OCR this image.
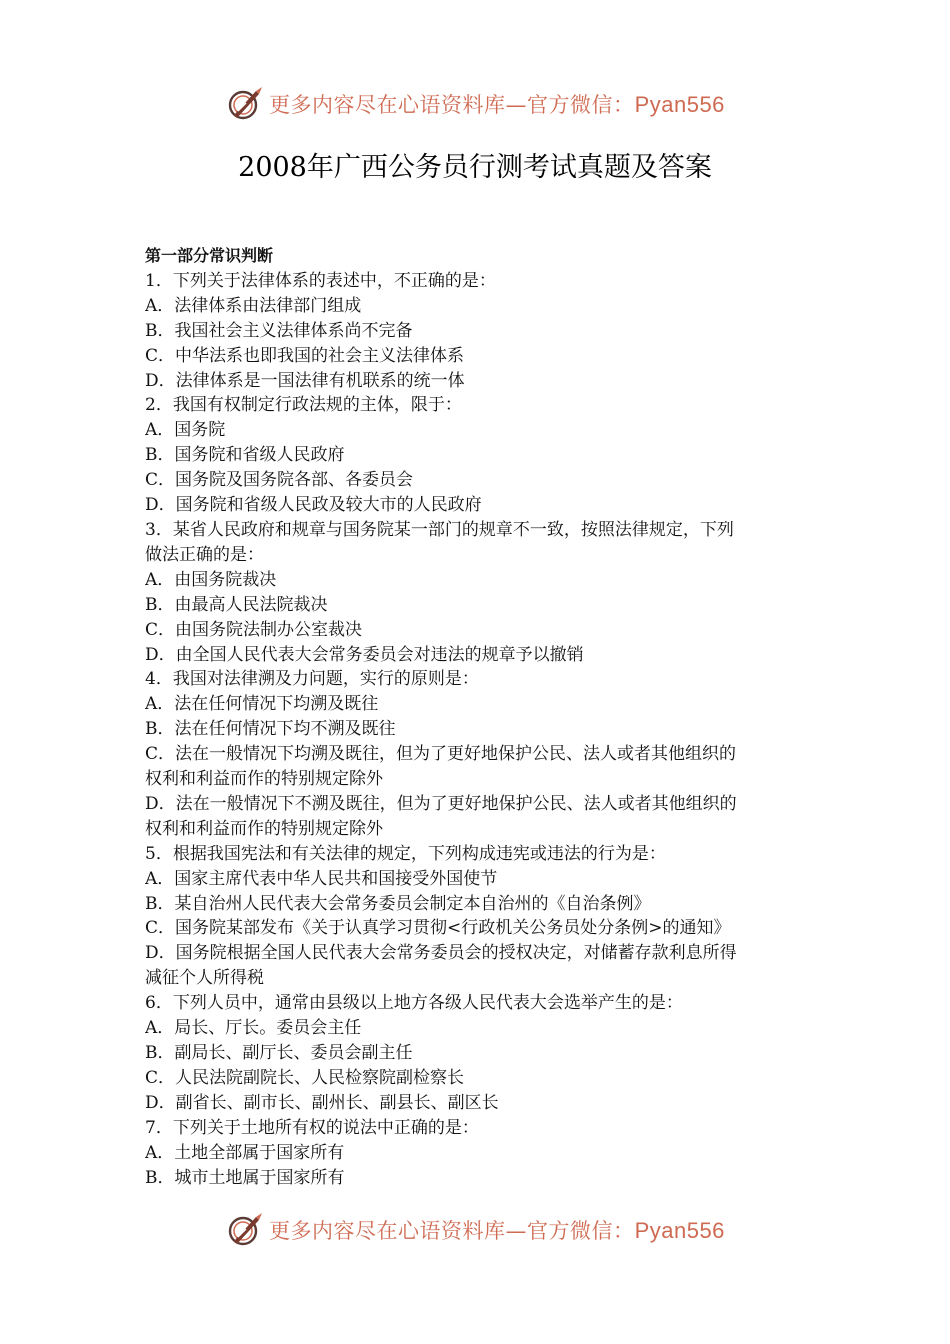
更多内容尽在心语资料库—官方微信：Pyan556
2008年广西公务员行测考试真题及答案
第一部分常识判断
1．下列关于法律体系的表述中，不正确的是：
A．法律体系由法律部门组成
B．我国社会主义法律体系尚不完备
C．中华法系也即我国的社会主义法律体系
D．法律体系是一国法律有机联系的统一体
2．我国有权制定行政法规的主体，限于：
A．国务院
B．国务院和省级人民政府
C．国务院及国务院各部、各委员会
D．国务院和省级人民政及较大市的人民政府
3．某省人民政府和规章与国务院某一部门的规章不一致，按照法律规定，下列
做法正确的是：
A．由国务院裁决
B．由最高人民法院裁决
C．由国务院法制办公室裁决
D．由全国人民代表大会常务委员会对违法的规章予以撤销
4．我国对法律溯及力问题，实行的原则是：
A．法在任何情况下均溯及既往
B．法在任何情况下均不溯及既往
C．法在一般情况下均溯及既往，但为了更好地保护公民、法人或者其他组织的
权利和利益而作的特别规定除外
D．法在一般情况下不溯及既往，但为了更好地保护公民、法人或者其他组织的
权利和利益而作的特别规定除外
5．根据我国宪法和有关法律的规定，下列构成违宪或违法的行为是：
A．国家主席代表中华人民共和国接受外国使节
B．某自治州人民代表大会常务委员会制定本自治州的《自治条例》
C．国务院某部发布《关于认真学习贯彻<行政机关公务员处分条例>的通知》
D．国务院根据全国人民代表大会常务委员会的授权决定，对储蓄存款利息所得
减征个人所得税
6．下列人员中，通常由县级以上地方各级人民代表大会选举产生的是：
A．局长、厅长。委员会主任
B．副局长、副厅长、委员会副主任
C．人民法院副院长、人民检察院副检察长
D．副省长、副市长、副州长、副县长、副区长
7．下列关于土地所有权的说法中正确的是：
A．土地全部属于国家所有
B．城市土地属于国家所有
更多内容尽在心语资料库—官方微信：Pyan556
